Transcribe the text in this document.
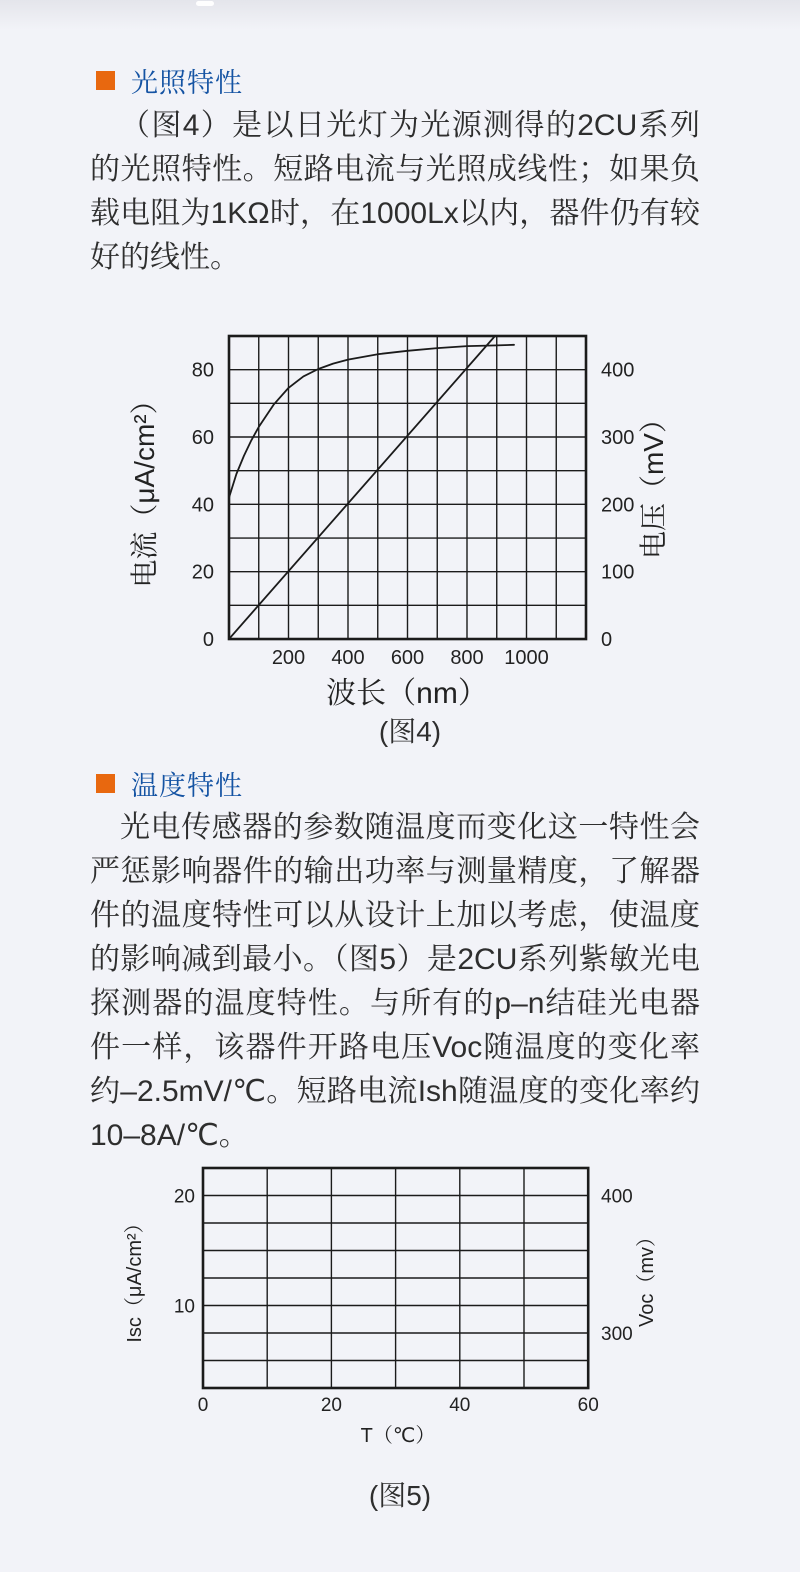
光照特性

（图4）是以日光灯为光源测得的2CU系列的光照特性。短路电流与光照成线性；如果负载电阻为1KΩ时，在1000Lx以内，器件仍有较好的线性。

200 400 600 800 1000
0
20
40
60
80
0
100
200
300
400
电流（μA/cm²）	电压（mV）
波长（nm）
(图4)
温度特性

光电传感器的参数随温度而变化这一特性会严惩影响器件的输出功率与测量精度，了解器件的温度特性可以从设计上加以考虑，使温度的影响减到最小。（图5）是2CU系列紫敏光电探测器的温度特性。与所有的p–n结硅光电器件一样，该器件开路电压Voc随温度的变化率约–2.5mV/℃。短路电流Ish随温度的变化率约10–8A/℃。

0	20	40	60
10
20
300
400
Isc（μA/cm²）	Voc（mv）
T（℃）
(图5)
